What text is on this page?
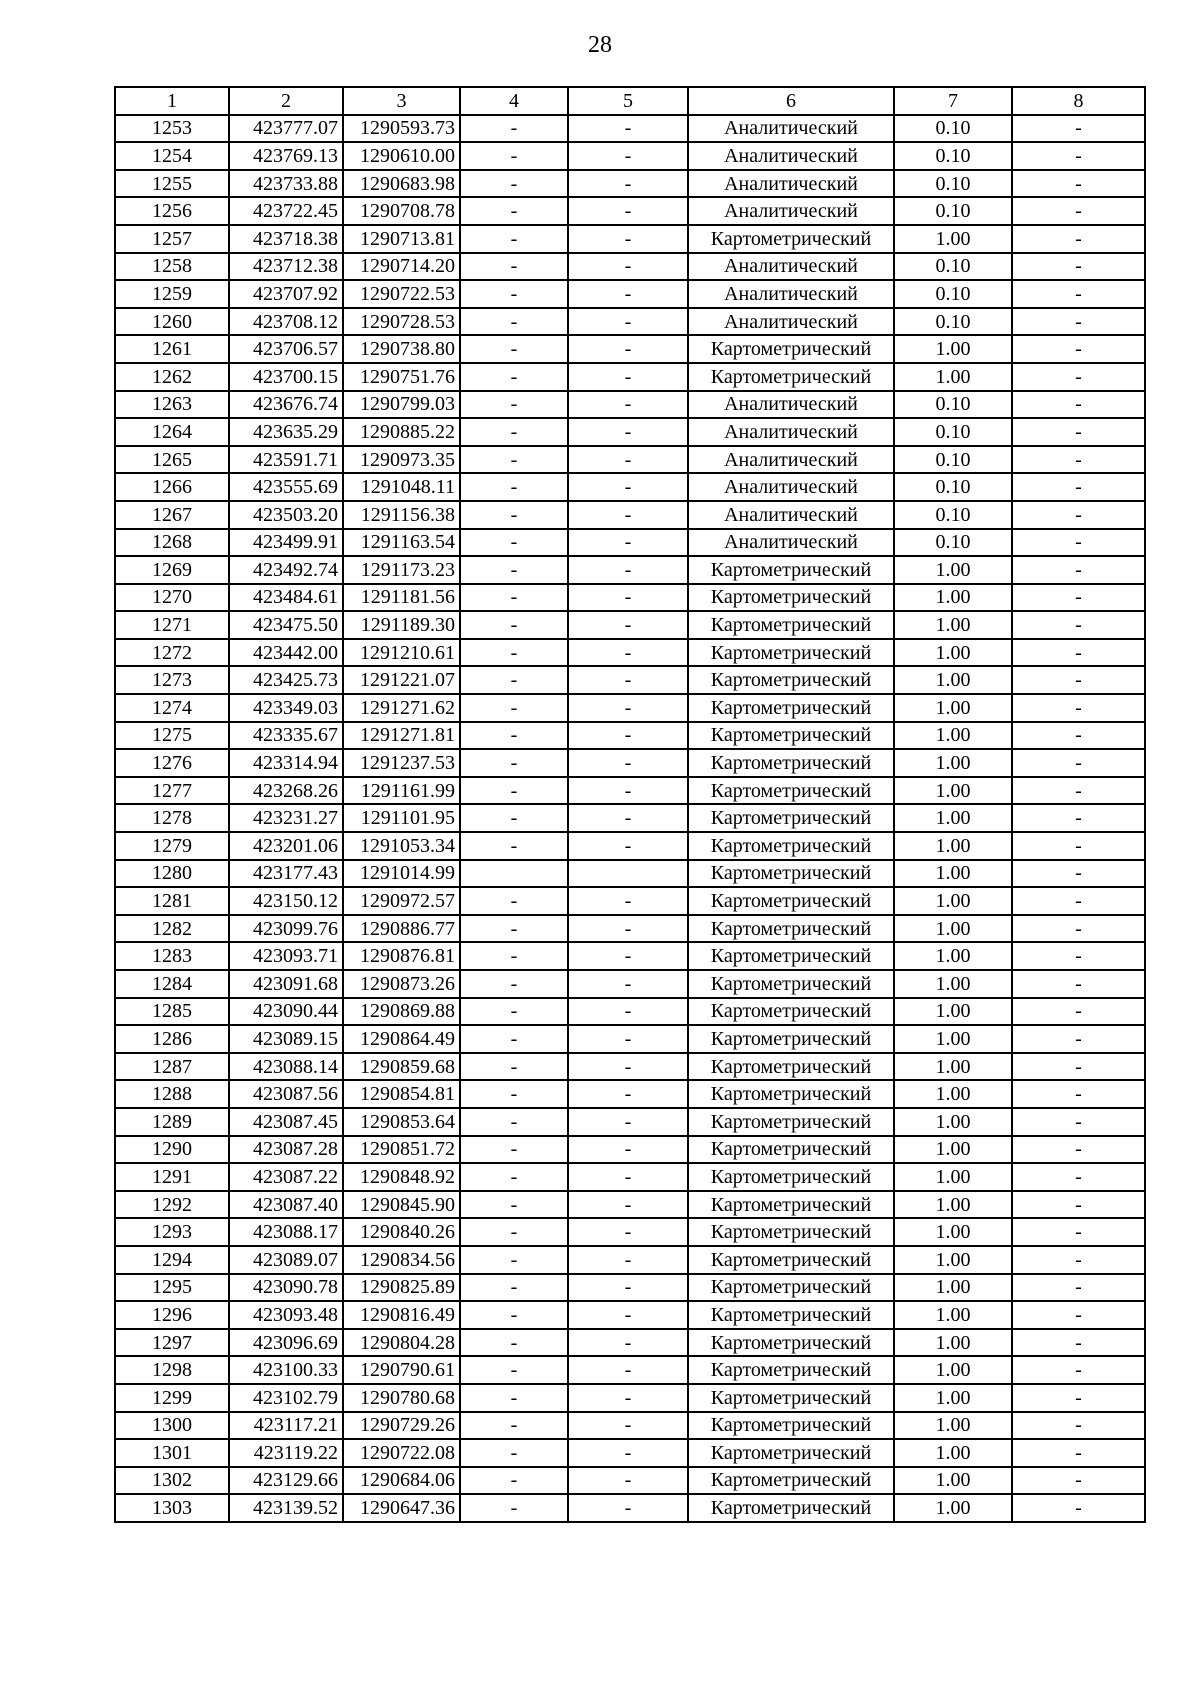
28
1	2	3	4	5	6	7	8
1253	423777.07	1290593.73	-	-	Аналитический	0.10	-
1254	423769.13	1290610.00	-	-	Аналитический	0.10	-
1255	423733.88	1290683.98	-	-	Аналитический	0.10	-
1256	423722.45	1290708.78	-	-	Аналитический	0.10	-
1257	423718.38	1290713.81	-	-	Картометрический	1.00	-
1258	423712.38	1290714.20	-	-	Аналитический	0.10	-
1259	423707.92	1290722.53	-	-	Аналитический	0.10	-
1260	423708.12	1290728.53	-	-	Аналитический	0.10	-
1261	423706.57	1290738.80	-	-	Картометрический	1.00	-
1262	423700.15	1290751.76	-	-	Картометрический	1.00	-
1263	423676.74	1290799.03	-	-	Аналитический	0.10	-
1264	423635.29	1290885.22	-	-	Аналитический	0.10	-
1265	423591.71	1290973.35	-	-	Аналитический	0.10	-
1266	423555.69	1291048.11	-	-	Аналитический	0.10	-
1267	423503.20	1291156.38	-	-	Аналитический	0.10	-
1268	423499.91	1291163.54	-	-	Аналитический	0.10	-
1269	423492.74	1291173.23	-	-	Картометрический	1.00	-
1270	423484.61	1291181.56	-	-	Картометрический	1.00	-
1271	423475.50	1291189.30	-	-	Картометрический	1.00	-
1272	423442.00	1291210.61	-	-	Картометрический	1.00	-
1273	423425.73	1291221.07	-	-	Картометрический	1.00	-
1274	423349.03	1291271.62	-	-	Картометрический	1.00	-
1275	423335.67	1291271.81	-	-	Картометрический	1.00	-
1276	423314.94	1291237.53	-	-	Картометрический	1.00	-
1277	423268.26	1291161.99	-	-	Картометрический	1.00	-
1278	423231.27	1291101.95	-	-	Картометрический	1.00	-
1279	423201.06	1291053.34	-	-	Картометрический	1.00	-
1280	423177.43	1291014.99			Картометрический	1.00	-
1281	423150.12	1290972.57	-	-	Картометрический	1.00	-
1282	423099.76	1290886.77	-	-	Картометрический	1.00	-
1283	423093.71	1290876.81	-	-	Картометрический	1.00	-
1284	423091.68	1290873.26	-	-	Картометрический	1.00	-
1285	423090.44	1290869.88	-	-	Картометрический	1.00	-
1286	423089.15	1290864.49	-	-	Картометрический	1.00	-
1287	423088.14	1290859.68	-	-	Картометрический	1.00	-
1288	423087.56	1290854.81	-	-	Картометрический	1.00	-
1289	423087.45	1290853.64	-	-	Картометрический	1.00	-
1290	423087.28	1290851.72	-	-	Картометрический	1.00	-
1291	423087.22	1290848.92	-	-	Картометрический	1.00	-
1292	423087.40	1290845.90	-	-	Картометрический	1.00	-
1293	423088.17	1290840.26	-	-	Картометрический	1.00	-
1294	423089.07	1290834.56	-	-	Картометрический	1.00	-
1295	423090.78	1290825.89	-	-	Картометрический	1.00	-
1296	423093.48	1290816.49	-	-	Картометрический	1.00	-
1297	423096.69	1290804.28	-	-	Картометрический	1.00	-
1298	423100.33	1290790.61	-	-	Картометрический	1.00	-
1299	423102.79	1290780.68	-	-	Картометрический	1.00	-
1300	423117.21	1290729.26	-	-	Картометрический	1.00	-
1301	423119.22	1290722.08	-	-	Картометрический	1.00	-
1302	423129.66	1290684.06	-	-	Картометрический	1.00	-
1303	423139.52	1290647.36	-	-	Картометрический	1.00	-
